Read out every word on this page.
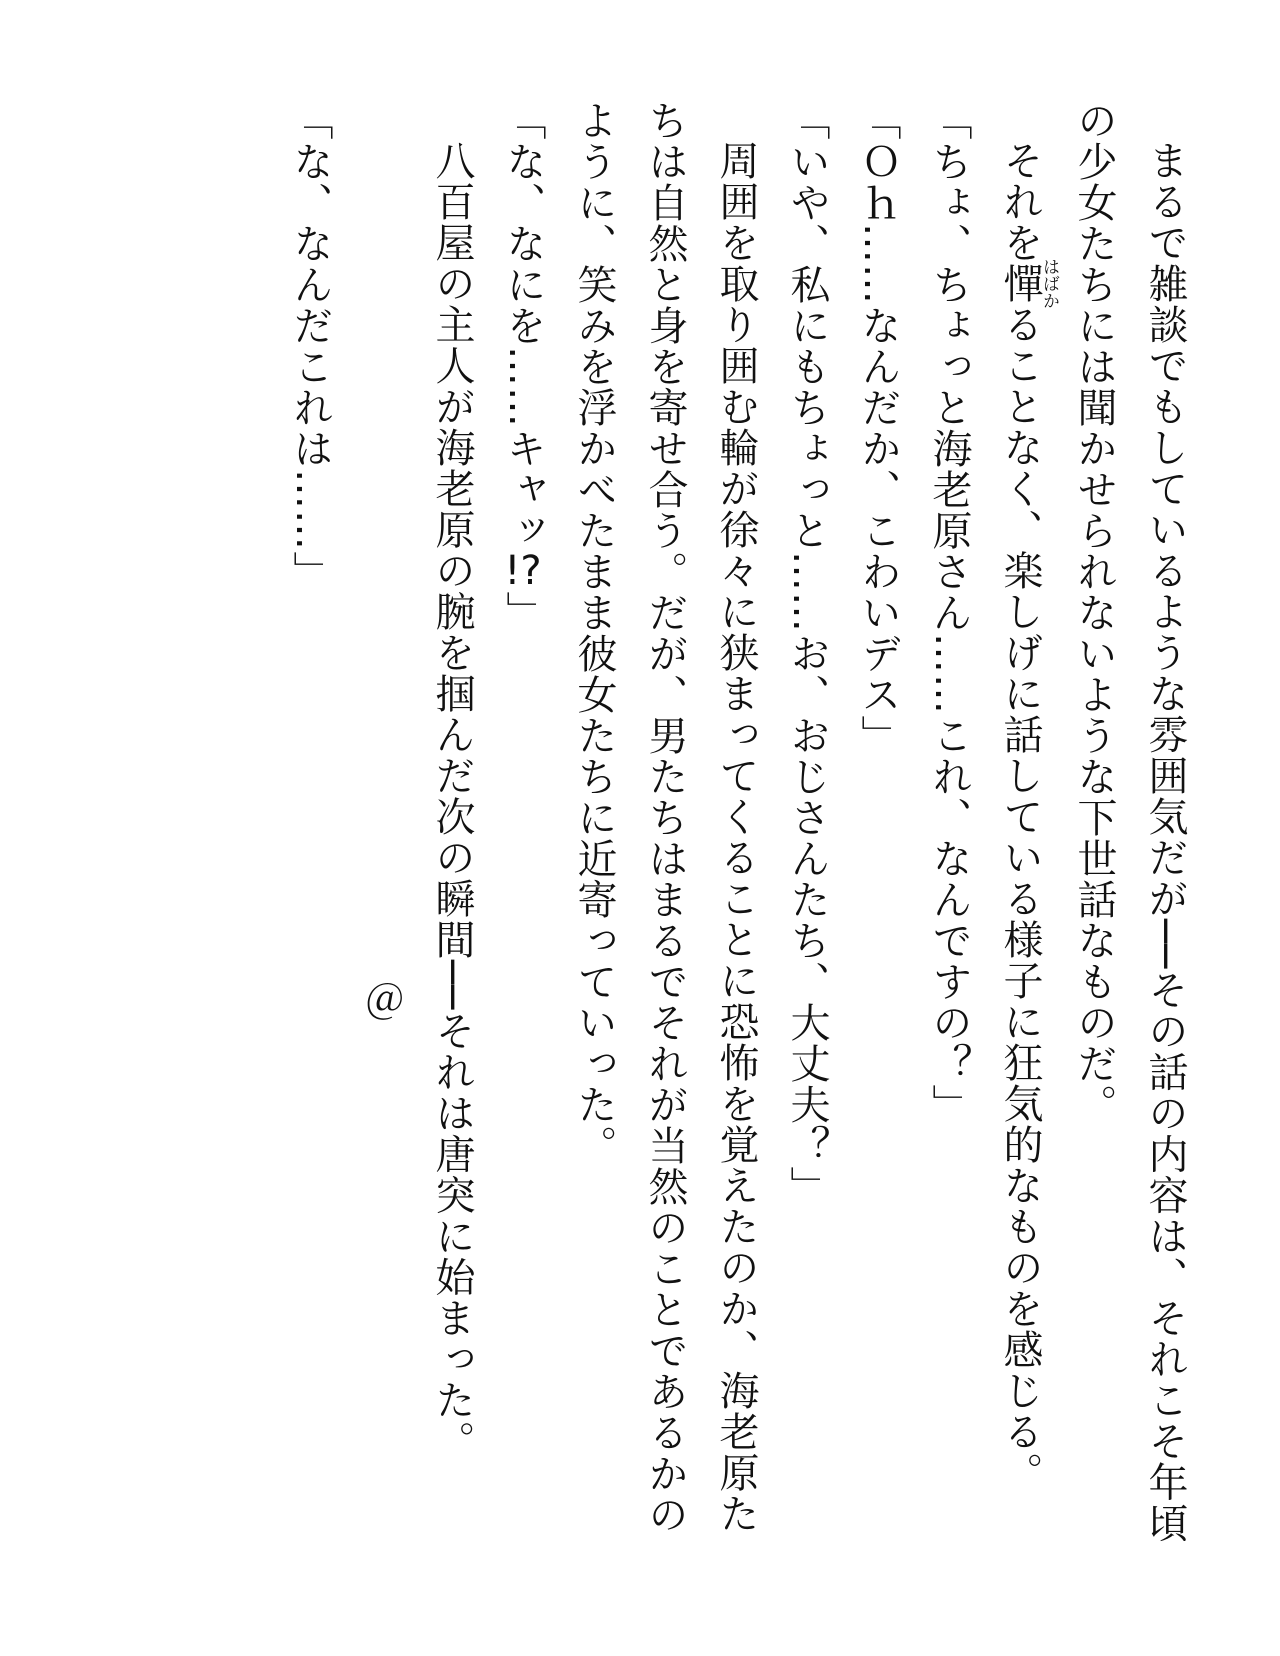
まるで雑談でもしているような雰囲気だが──その話の内容は、それこそ年頃
の少女たちには聞かせられないような下世話なものだ。
それを憚はばかることなく、楽しげに話している様子に狂気的なものを感じる。
「ちょ、ちょっと海老原さん……これ、なんですの？」
「Ｏｈ……なんだか、こわいデス」
「いや、私にもちょっと……お、おじさんたち、大丈夫？」
周囲を取り囲む輪が徐々に狭まってくることに恐怖を覚えたのか、海老原た
ちは自然と身を寄せ合う。だが、男たちはまるでそれが当然のことであるかの
ように、笑みを浮かべたまま彼女たちに近寄っていった。
「な、なにを……キャッ!?」
八百屋の主人が海老原の腕を掴んだ次の瞬間──それは唐突に始まった。
＠
「な、なんだこれは……」
